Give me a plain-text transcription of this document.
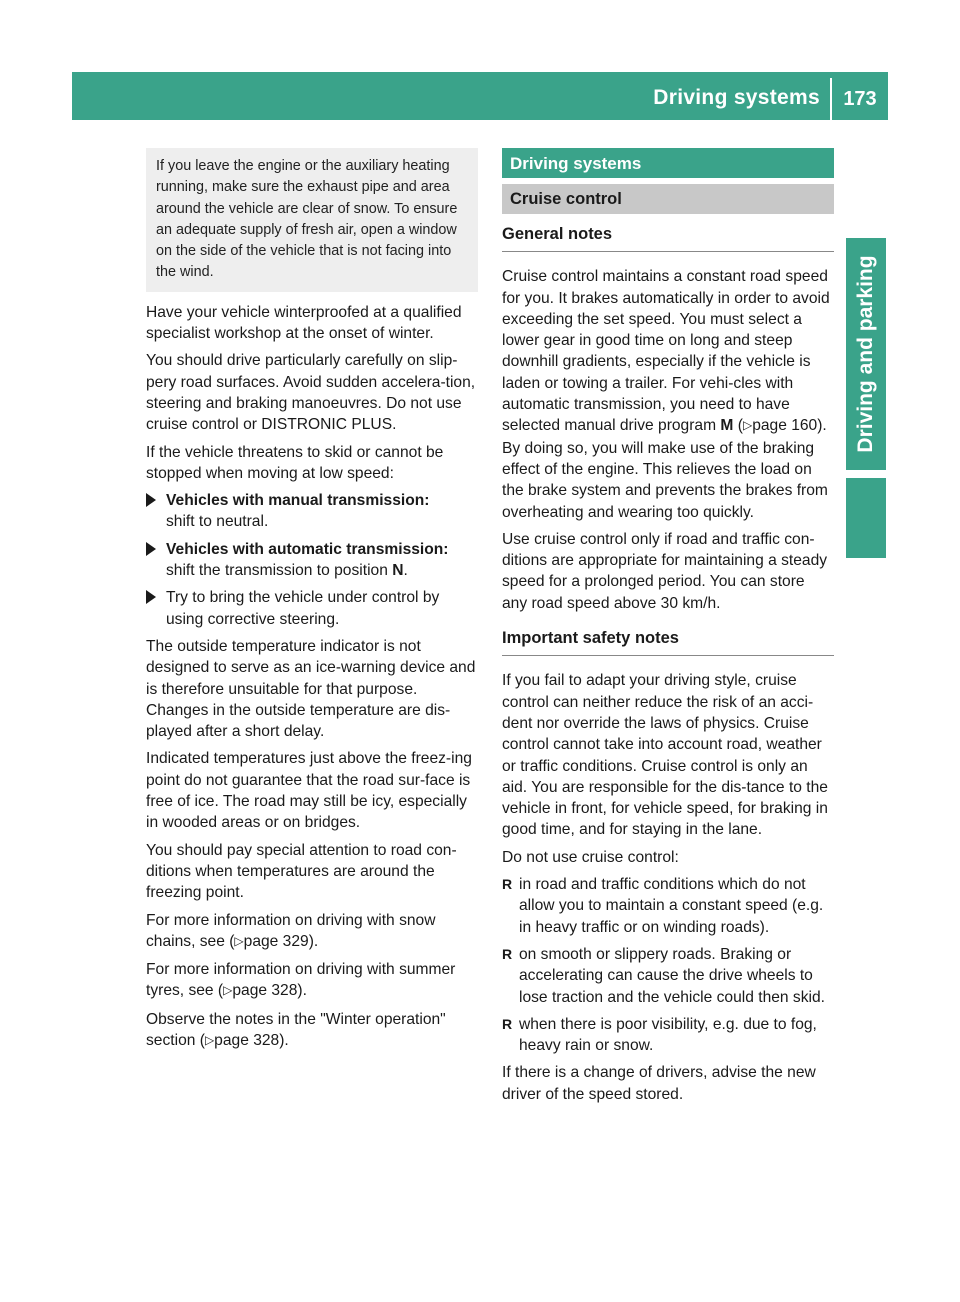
Driving systems	173
Driving and parking
If you leave the engine or the auxiliary heating running, make sure the exhaust pipe and area around the vehicle are clear of snow. To ensure an adequate supply of fresh air, open a window on the side of the vehicle that is not facing into the wind.

Have your vehicle winterproofed at a qualified specialist workshop at the onset of winter.

You should drive particularly carefully on slip-pery road surfaces. Avoid sudden accelera-tion, steering and braking manoeuvres. Do not use cruise control or DISTRONIC PLUS.

If the vehicle threatens to skid or cannot be stopped when moving at low speed:

Vehicles with manual transmission:
shift to neutral.
Vehicles with automatic transmission:
shift the transmission to position N.
Try to bring the vehicle under control by using corrective steering.

The outside temperature indicator is not designed to serve as an ice-warning device and is therefore unsuitable for that purpose. Changes in the outside temperature are dis-played after a short delay.

Indicated temperatures just above the freez-ing point do not guarantee that the road sur-face is free of ice. The road may still be icy, especially in wooded areas or on bridges.

You should pay special attention to road con-ditions when temperatures are around the freezing point.

For more information on driving with snow chains, see (▷page 329).

For more information on driving with summer tyres, see (▷page 328).

Observe the notes in the "Winter operation" section (▷page 328).

Driving systems
Cruise control
General notes

Cruise control maintains a constant road speed for you. It brakes automatically in order to avoid exceeding the set speed. You must select a lower gear in good time on long and steep downhill gradients, especially if the vehicle is laden or towing a trailer. For vehi-cles with automatic transmission, you need to have selected manual drive program M (▷page 160). By doing so, you will make use of the braking effect of the engine. This relieves the load on the brake system and prevents the brakes from overheating and wearing too quickly.

Use cruise control only if road and traffic con-ditions are appropriate for maintaining a steady speed for a prolonged period. You can store any road speed above 30 km/h.

Important safety notes

If you fail to adapt your driving style, cruise control can neither reduce the risk of an acci-dent nor override the laws of physics. Cruise control cannot take into account road, weather or traffic conditions. Cruise control is only an aid. You are responsible for the dis-tance to the vehicle in front, for vehicle speed, for braking in good time, and for staying in the lane.

Do not use cruise control:

R in road and traffic conditions which do not allow you to maintain a constant speed (e.g. in heavy traffic or on winding roads).
R on smooth or slippery roads. Braking or accelerating can cause the drive wheels to lose traction and the vehicle could then skid.
R when there is poor visibility, e.g. due to fog, heavy rain or snow.

If there is a change of drivers, advise the new driver of the speed stored.
